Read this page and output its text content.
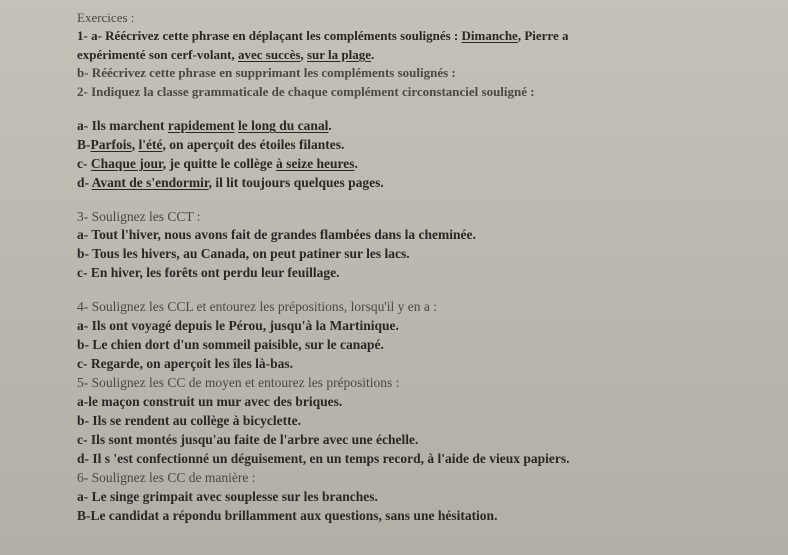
Exercices :
1- a- Réécrivez cette phrase en déplaçant les compléments soulignés : Dimanche, Pierre a
expérimenté son cerf-volant, avec succès, sur la plage.
b- Réécrivez cette phrase en supprimant les compléments soulignés :
2- Indiquez la classe grammaticale de chaque complément circonstanciel souligné :
a- Ils marchent rapidement le long du canal.
B-Parfois, l'été, on aperçoit des étoiles filantes.
c- Chaque jour, je quitte le collège à seize heures.
d- Avant de s'endormir, il lit toujours quelques pages.
3- Soulignez les CCT :
a- Tout l'hiver, nous avons fait de grandes flambées dans la cheminée.
b- Tous les hivers, au Canada, on peut patiner sur les lacs.
c- En hiver, les forêts ont perdu leur feuillage.
4- Soulignez les CCL et entourez les prépositions, lorsqu'il y en a :
a- Ils ont voyagé depuis le Pérou, jusqu'à la Martinique.
b- Le chien dort d'un sommeil paisible, sur le canapé.
c- Regarde, on aperçoit les îles là-bas.
5- Soulignez les CC de moyen et entourez les prépositions :
a-le maçon construit un mur avec des briques.
b- Ils se rendent au collège à bicyclette.
c- Ils sont montés jusqu'au faite de l'arbre avec une échelle.
d- Il s 'est confectionné un déguisement, en un temps record, à l'aide de vieux papiers.
6- Soulignez les CC de manière :
a- Le singe grimpait avec souplesse sur les branches.
B-Le candidat a répondu brillamment aux questions, sans une hésitation.
